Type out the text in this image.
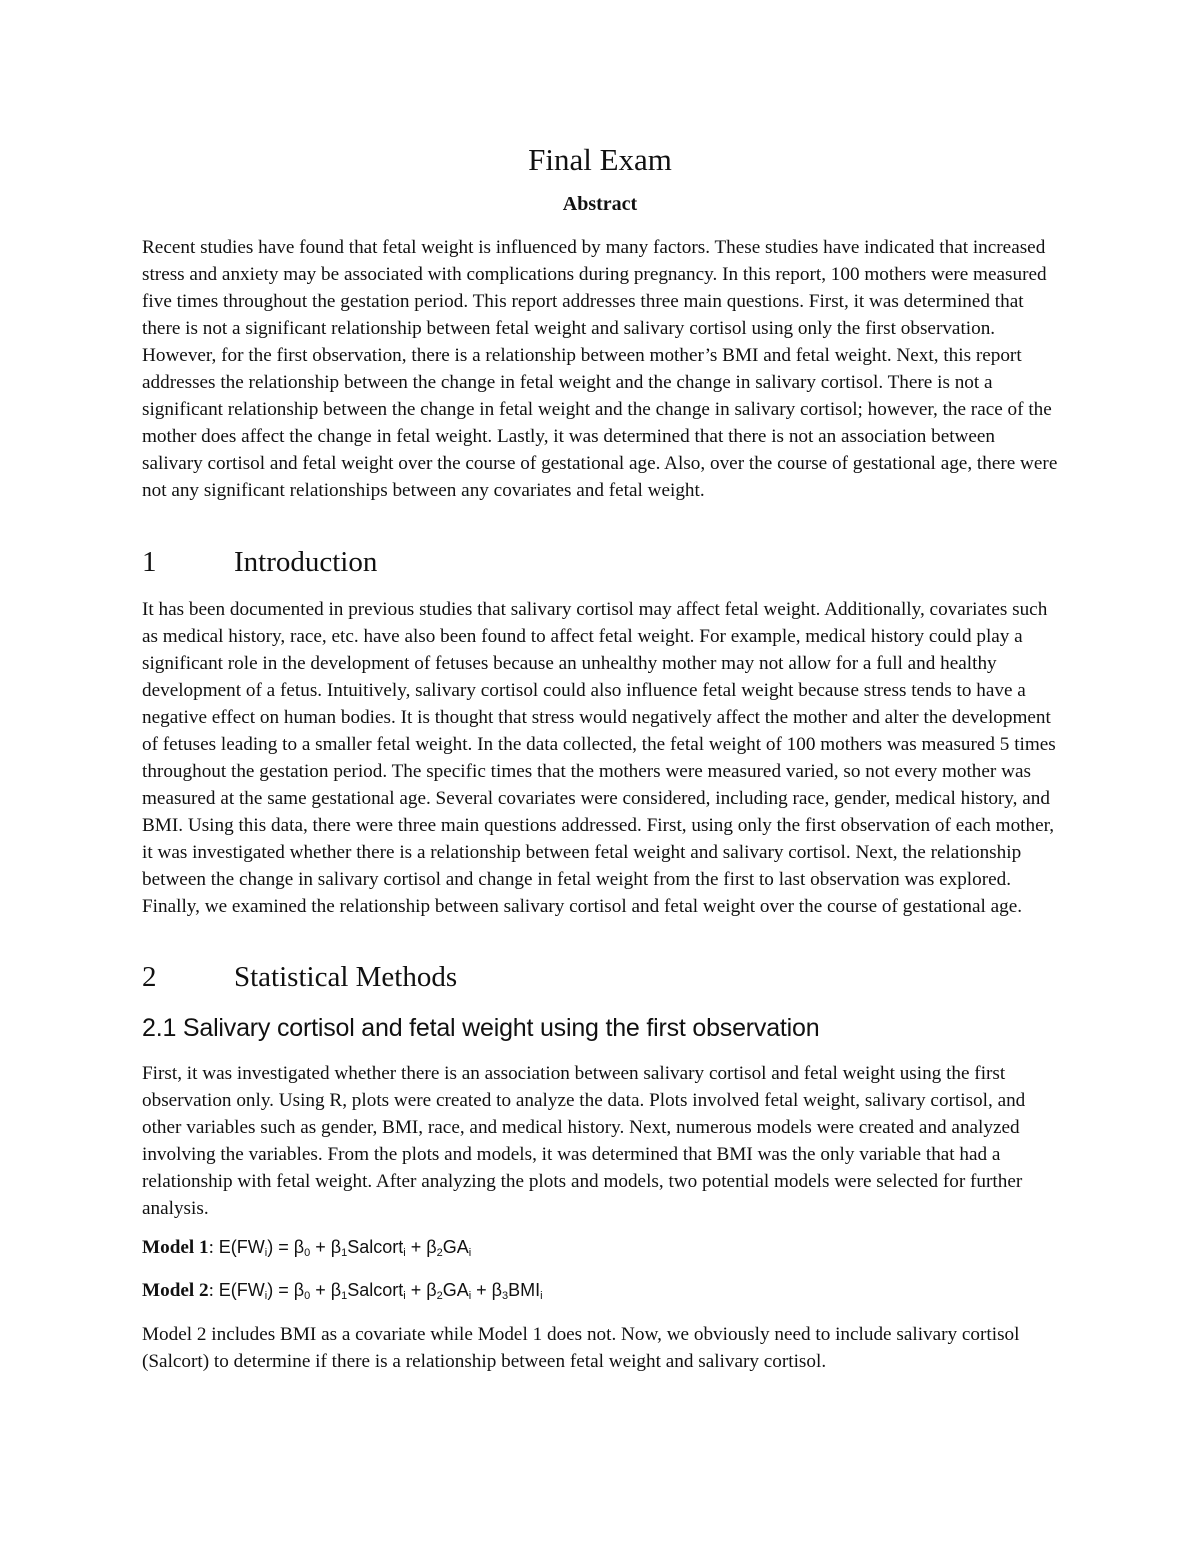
Final Exam
Abstract

Recent studies have found that fetal weight is influenced by many factors. These studies have indicated that increased stress and anxiety may be associated with complications during pregnancy. In this report, 100 mothers were measured five times throughout the gestation period. This report addresses three main questions. First, it was determined that there is not a significant relationship between fetal weight and salivary cortisol using only the first observation. However, for the first observation, there is a relationship between mother’s BMI and fetal weight. Next, this report addresses the relationship between the change in fetal weight and the change in salivary cortisol. There is not a significant relationship between the change in fetal weight and the change in salivary cortisol; however, the race of the mother does affect the change in fetal weight. Lastly, it was determined that there is not an association between salivary cortisol and fetal weight over the course of gestational age. Also, over the course of gestational age, there were not any significant relationships between any covariates and fetal weight.

1	Introduction

It has been documented in previous studies that salivary cortisol may affect fetal weight. Additionally, covariates such as medical history, race, etc. have also been found to affect fetal weight. For example, medical history could play a significant role in the development of fetuses because an unhealthy mother may not allow for a full and healthy development of a fetus. Intuitively, salivary cortisol could also influence fetal weight because stress tends to have a negative effect on human bodies. It is thought that stress would negatively affect the mother and alter the development of fetuses leading to a smaller fetal weight. In the data collected, the fetal weight of 100 mothers was measured 5 times throughout the gestation period. The specific times that the mothers were measured varied, so not every mother was measured at the same gestational age. Several covariates were considered, including race, gender, medical history, and BMI. Using this data, there were three main questions addressed. First, using only the first observation of each mother, it was investigated whether there is a relationship between fetal weight and salivary cortisol. Next, the relationship between the change in salivary cortisol and change in fetal weight from the first to last observation was explored. Finally, we examined the relationship between salivary cortisol and fetal weight over the course of gestational age.

2	Statistical Methods
2.1 Salivary cortisol and fetal weight using the first observation

First, it was investigated whether there is an association between salivary cortisol and fetal weight using the first observation only. Using R, plots were created to analyze the data. Plots involved fetal weight, salivary cortisol, and other variables such as gender, BMI, race, and medical history. Next, numerous models were created and analyzed involving the variables. From the plots and models, it was determined that BMI was the only variable that had a relationship with fetal weight. After analyzing the plots and models, two potential models were selected for further analysis.

Model 1: $E(FW_i) = \beta_0$ + $\beta_1Salcort_i + \beta_2GA_i$

Model 2: $E(FW_i) = \beta_0$ + $\beta_1Salcort_i + \beta_2GA_i + \beta_3BMI_i$

Model 2 includes BMI as a covariate while Model 1 does not. Now, we obviously need to include salivary cortisol (Salcort) to determine if there is a relationship between fetal weight and salivary cortisol.
